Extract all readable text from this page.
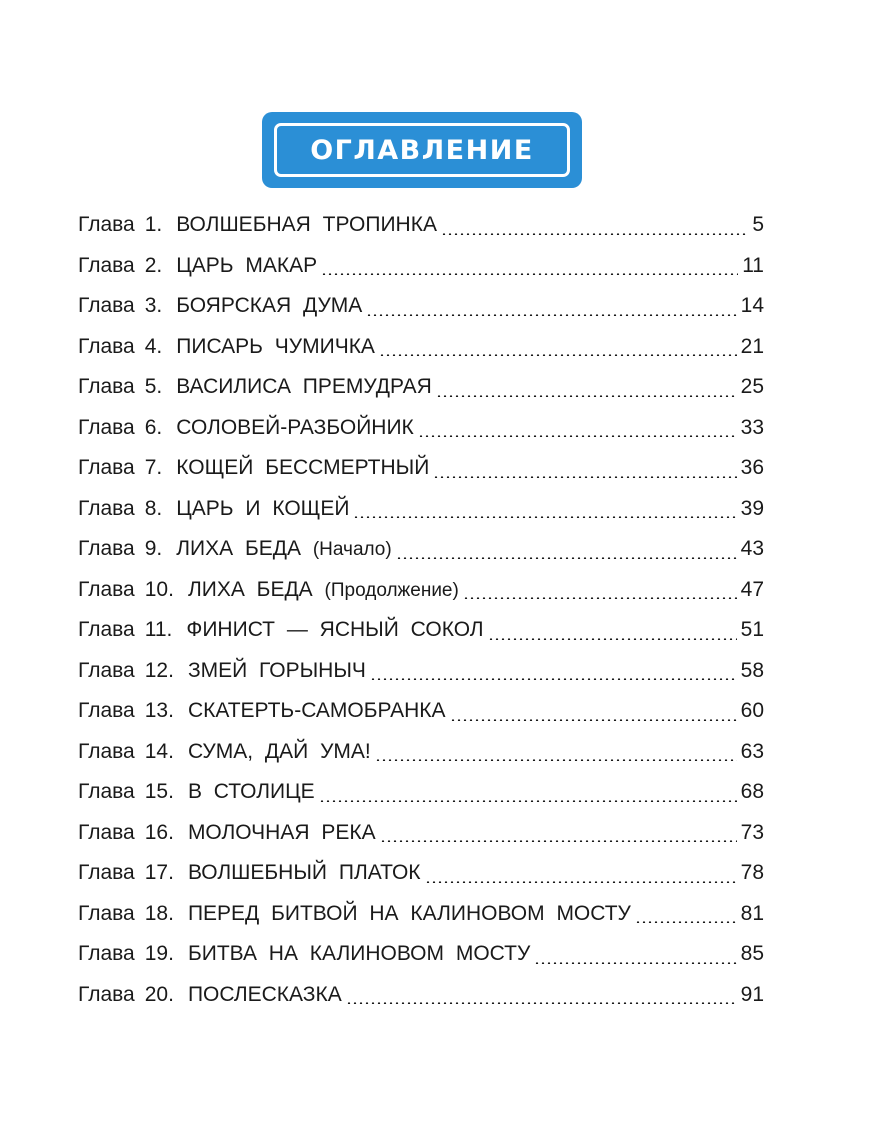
ОГЛАВЛЕНИЕ
Глава 1. ВОЛШЕБНАЯ ТРОПИНКА	5
Глава 2. ЦАРЬ МАКАР	11
Глава 3. БОЯРСКАЯ ДУМА	14
Глава 4. ПИСАРЬ ЧУМИЧКА	21
Глава 5. ВАСИЛИСА ПРЕМУДРАЯ	25
Глава 6. СОЛОВЕЙ-РАЗБОЙНИК	33
Глава 7. КОЩЕЙ БЕССМЕРТНЫЙ	36
Глава 8. ЦАРЬ И КОЩЕЙ	39
Глава 9. ЛИХА БЕДА (Начало)	43
Глава 10. ЛИХА БЕДА (Продолжение)	47
Глава 11. ФИНИСТ — ЯСНЫЙ СОКОЛ	51
Глава 12. ЗМЕЙ ГОРЫНЫЧ	58
Глава 13. СКАТЕРТЬ-САМОБРАНКА	60
Глава 14. СУМА, ДАЙ УМА!	63
Глава 15. В СТОЛИЦЕ	68
Глава 16. МОЛОЧНАЯ РЕКА	73
Глава 17. ВОЛШЕБНЫЙ ПЛАТОК	78
Глава 18. ПЕРЕД БИТВОЙ НА КАЛИНОВОМ МОСТУ	81
Глава 19. БИТВА НА КАЛИНОВОМ МОСТУ	85
Глава 20. ПОСЛЕСКАЗКА	91
